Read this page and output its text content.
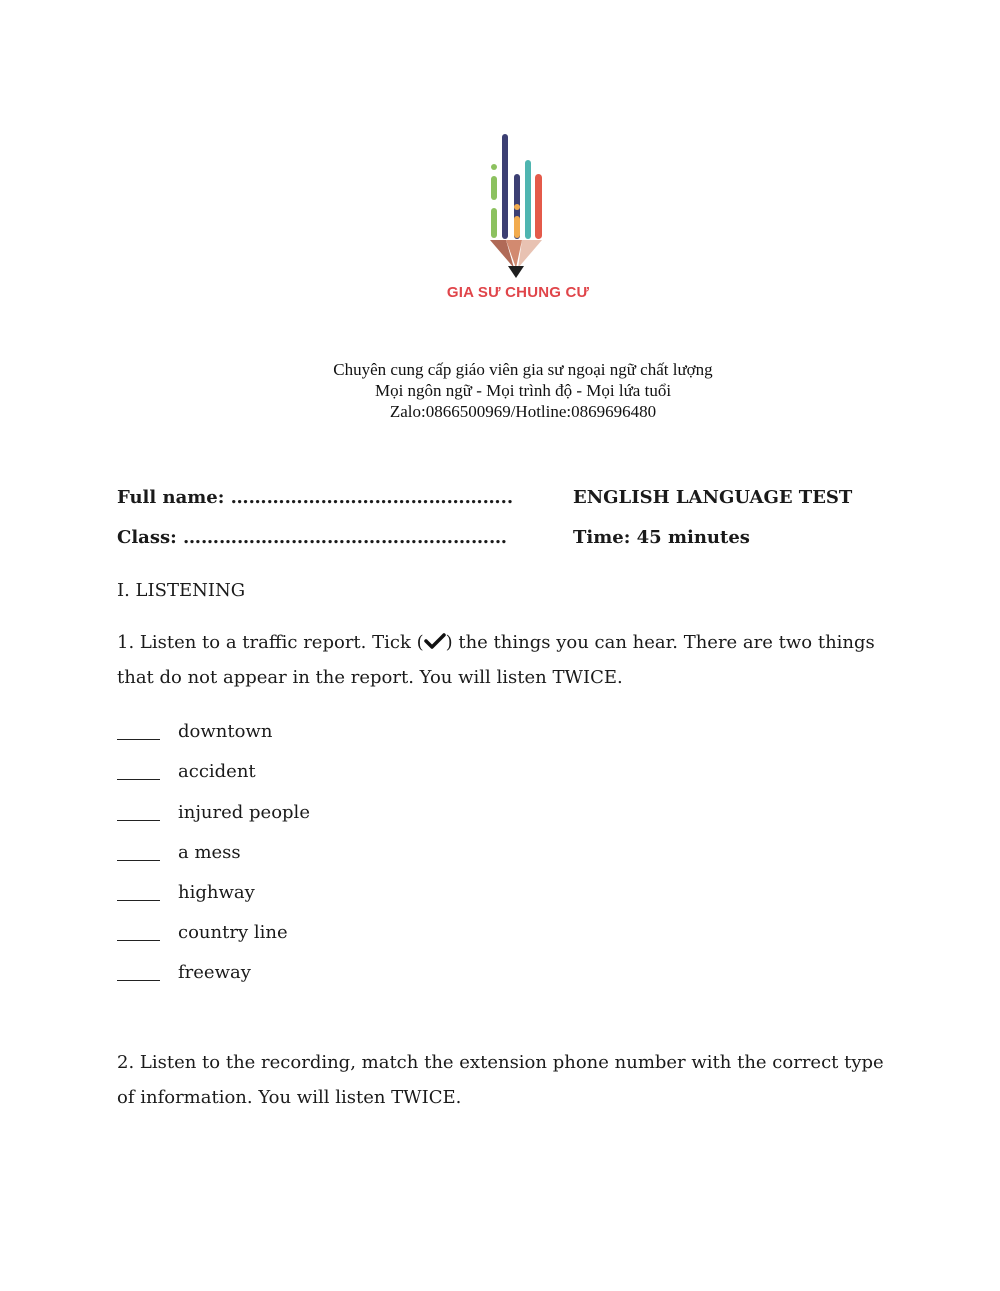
GIA SƯ CHUNG CƯ
Chuyên cung cấp giáo viên gia sư ngoại ngữ chất lượng
Mọi ngôn ngữ - Mọi trình độ - Mọi lứa tuổi
Zalo:0866500969/Hotline:0869696480
Full name: ………………………………………..
Class: ………………………………………………
ENGLISH LANGUAGE TEST
Time: 45 minutes
I. LISTENING
1. Listen to a traffic report. Tick ( ) the things you can hear. There are two things that do not appear in the report. You will listen TWICE.
downtown
accident
injured people
a mess
highway
country line
freeway
2. Listen to the recording, match the extension phone number with the correct type of information. You will listen TWICE.
